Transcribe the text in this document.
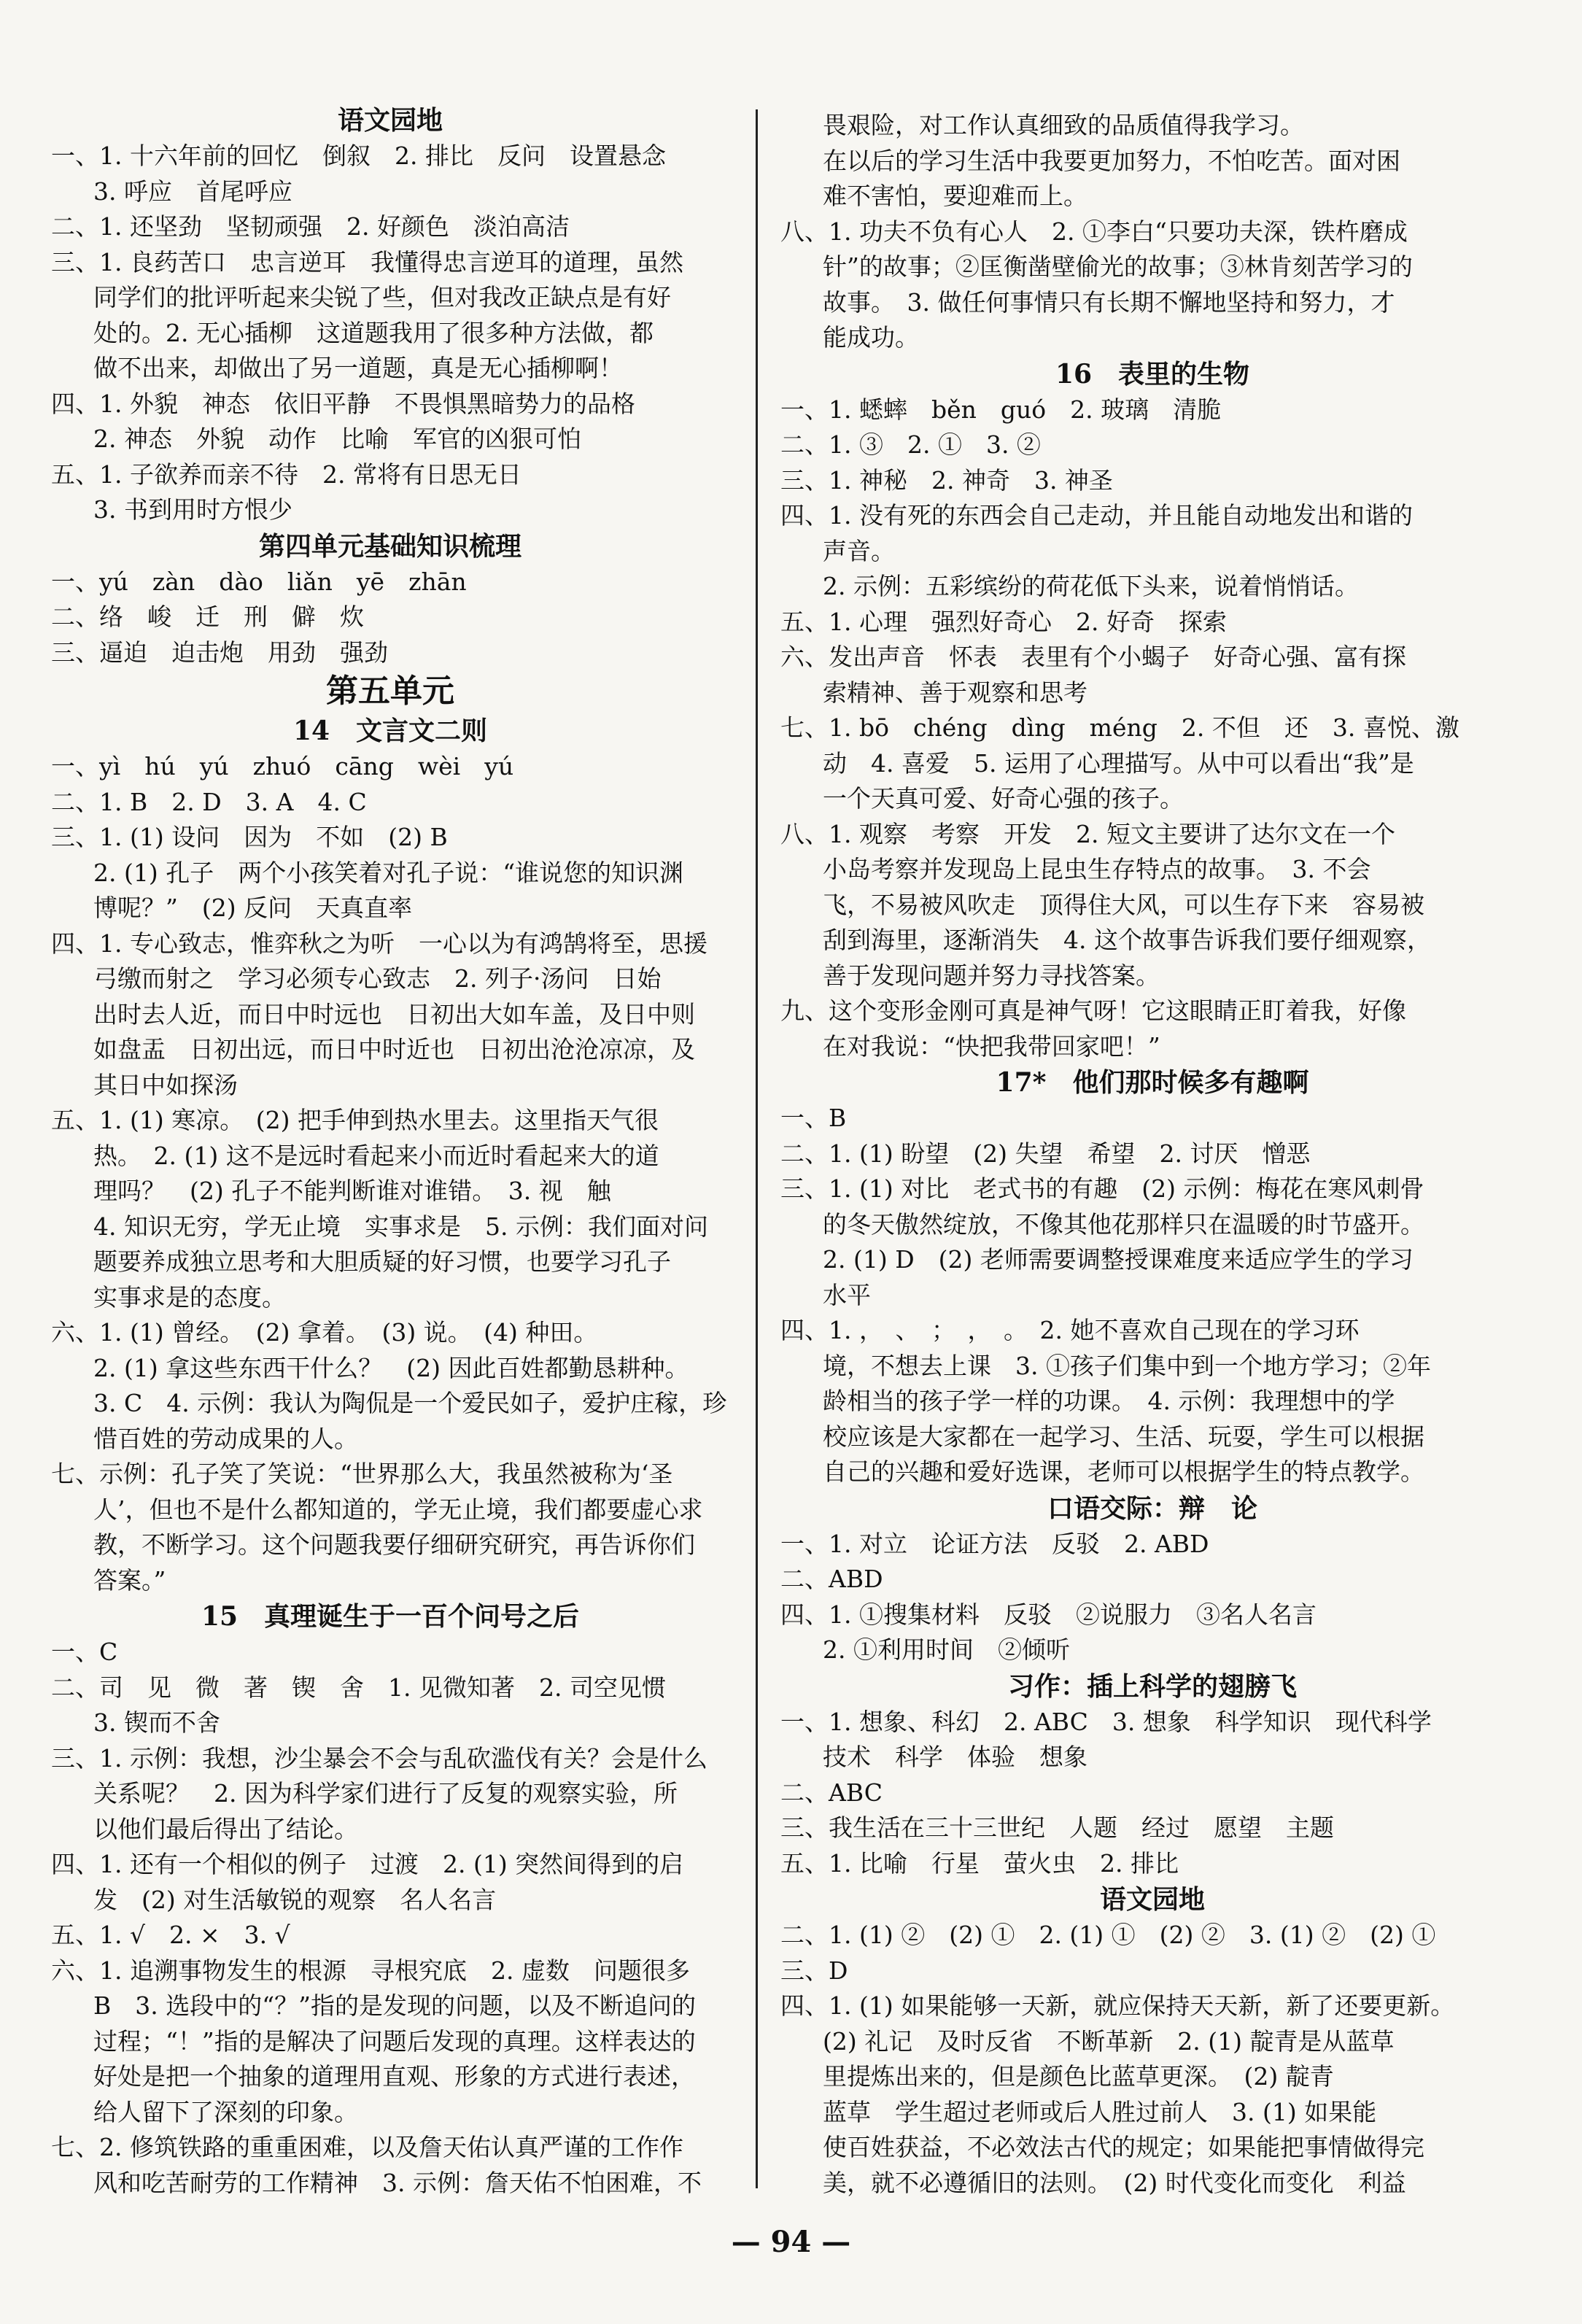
语文园地
一、1. 十六年前的回忆　倒叙　2. 排比　反问　设置悬念
3. 呼应　首尾呼应
二、1. 还坚劲　坚韧顽强　2. 好颜色　淡泊高洁
三、1. 良药苦口　忠言逆耳　我懂得忠言逆耳的道理，虽然
同学们的批评听起来尖锐了些，但对我改正缺点是有好
处的。2. 无心插柳　这道题我用了很多种方法做，都
做不出来，却做出了另一道题，真是无心插柳啊！
四、1. 外貌　神态　依旧平静　不畏惧黑暗势力的品格
2. 神态　外貌　动作　比喻　军官的凶狠可怕
五、1. 子欲养而亲不待　2. 常将有日思无日
3. 书到用时方恨少
第四单元基础知识梳理
一、yú　zàn　dào　liǎn　yē　zhān
二、络　峻　迁　刑　僻　炊
三、逼迫　迫击炮　用劲　强劲
第五单元
14　文言文二则
一、yì　hú　yú　zhuó　cāng　wèi　yú
二、1. B　2. D　3. A　4. C
三、1. (1) 设问　因为　不如　(2) B
2. (1) 孔子　两个小孩笑着对孔子说：“谁说您的知识渊
博呢？”　(2) 反问　天真直率
四、1. 专心致志，惟弈秋之为听　一心以为有鸿鹄将至，思援
弓缴而射之　学习必须专心致志　2. 列子·汤问　日始
出时去人近，而日中时远也　日初出大如车盖，及日中则
如盘盂　日初出远，而日中时近也　日初出沧沧凉凉，及
其日中如探汤
五、1. (1) 寒凉。　(2) 把手伸到热水里去。这里指天气很
热。　2. (1) 这不是远时看起来小而近时看起来大的道
理吗？　(2) 孔子不能判断谁对谁错。　3. 视　触
4. 知识无穷，学无止境　实事求是　5. 示例：我们面对问
题要养成独立思考和大胆质疑的好习惯，也要学习孔子
实事求是的态度。
六、1. (1) 曾经。　(2) 拿着。　(3) 说。　(4) 种田。
2. (1) 拿这些东西干什么？　(2) 因此百姓都勤恳耕种。
3. C　4. 示例：我认为陶侃是一个爱民如子，爱护庄稼，珍
惜百姓的劳动成果的人。
七、示例：孔子笑了笑说：“世界那么大，我虽然被称为‘圣
人’，但也不是什么都知道的，学无止境，我们都要虚心求
教，不断学习。这个问题我要仔细研究研究，再告诉你们
答案。”
15　真理诞生于一百个问号之后
一、C
二、司　见　微　著　锲　舍　1. 见微知著　2. 司空见惯
3. 锲而不舍
三、1. 示例：我想，沙尘暴会不会与乱砍滥伐有关？会是什么
关系呢？　2. 因为科学家们进行了反复的观察实验，所
以他们最后得出了结论。
四、1. 还有一个相似的例子　过渡　2. (1) 突然间得到的启
发　(2) 对生活敏锐的观察　名人名言
五、1. √　2. ×　3. √
六、1. 追溯事物发生的根源　寻根究底　2. 虚数　问题很多
B　3. 选段中的“？”指的是发现的问题，以及不断追问的
过程；“！”指的是解决了问题后发现的真理。这样表达的
好处是把一个抽象的道理用直观、形象的方式进行表述，
给人留下了深刻的印象。
七、2. 修筑铁路的重重困难，以及詹天佑认真严谨的工作作
风和吃苦耐劳的工作精神　3. 示例：詹天佑不怕困难，不
畏艰险，对工作认真细致的品质值得我学习。
在以后的学习生活中我要更加努力，不怕吃苦。面对困
难不害怕，要迎难而上。
八、1. 功夫不负有心人　2. ①李白“只要功夫深，铁杵磨成
针”的故事；②匡衡凿壁偷光的故事；③林肯刻苦学习的
故事。　3. 做任何事情只有长期不懈地坚持和努力，才
能成功。
16　表里的生物
一、1. 蟋蟀　běn　guó　2. 玻璃　清脆
二、1. ③　2. ①　3. ②
三、1. 神秘　2. 神奇　3. 神圣
四、1. 没有死的东西会自己走动，并且能自动地发出和谐的
声音。
2. 示例：五彩缤纷的荷花低下头来，说着悄悄话。
五、1. 心理　强烈好奇心　2. 好奇　探索
六、发出声音　怀表　表里有个小蝎子　好奇心强、富有探
索精神、善于观察和思考
七、1. bō　chéng　dìng　méng　2. 不但　还　3. 喜悦、激
动　4. 喜爱　5. 运用了心理描写。从中可以看出“我”是
一个天真可爱、好奇心强的孩子。
八、1. 观察　考察　开发　2. 短文主要讲了达尔文在一个
小岛考察并发现岛上昆虫生存特点的故事。　3. 不会
飞，不易被风吹走　顶得住大风，可以生存下来　容易被
刮到海里，逐渐消失　4. 这个故事告诉我们要仔细观察，
善于发现问题并努力寻找答案。
九、这个变形金刚可真是神气呀！它这眼睛正盯着我，好像
在对我说：“快把我带回家吧！”
17*　他们那时候多有趣啊
一、B
二、1. (1) 盼望　(2) 失望　希望　2. 讨厌　憎恶
三、1. (1) 对比　老式书的有趣　(2) 示例：梅花在寒风刺骨
的冬天傲然绽放，不像其他花那样只在温暖的时节盛开。
2. (1) D　(2) 老师需要调整授课难度来适应学生的学习
水平
四、1. ，　、　；　，　。　2. 她不喜欢自己现在的学习环
境，不想去上课　3. ①孩子们集中到一个地方学习；②年
龄相当的孩子学一样的功课。　4. 示例：我理想中的学
校应该是大家都在一起学习、生活、玩耍，学生可以根据
自己的兴趣和爱好选课，老师可以根据学生的特点教学。
口语交际：辩　论
一、1. 对立　论证方法　反驳　2. ABD
二、ABD
四、1. ①搜集材料　反驳　②说服力　③名人名言
2. ①利用时间　②倾听
习作：插上科学的翅膀飞
一、1. 想象、科幻　2. ABC　3. 想象　科学知识　现代科学
技术　科学　体验　想象
二、ABC
三、我生活在三十三世纪　人题　经过　愿望　主题
五、1. 比喻　行星　萤火虫　2. 排比
语文园地
二、1. (1) ②　(2) ①　2. (1) ①　(2) ②　3. (1) ②　(2) ①
三、D
四、1. (1) 如果能够一天新，就应保持天天新，新了还要更新。
(2) 礼记　及时反省　不断革新　2. (1) 靛青是从蓝草
里提炼出来的，但是颜色比蓝草更深。　(2) 靛青
蓝草　学生超过老师或后人胜过前人　3. (1) 如果能
使百姓获益，不必效法古代的规定；如果能把事情做得完
美，就不必遵循旧的法则。　(2) 时代变化而变化　利益
— 94 —
